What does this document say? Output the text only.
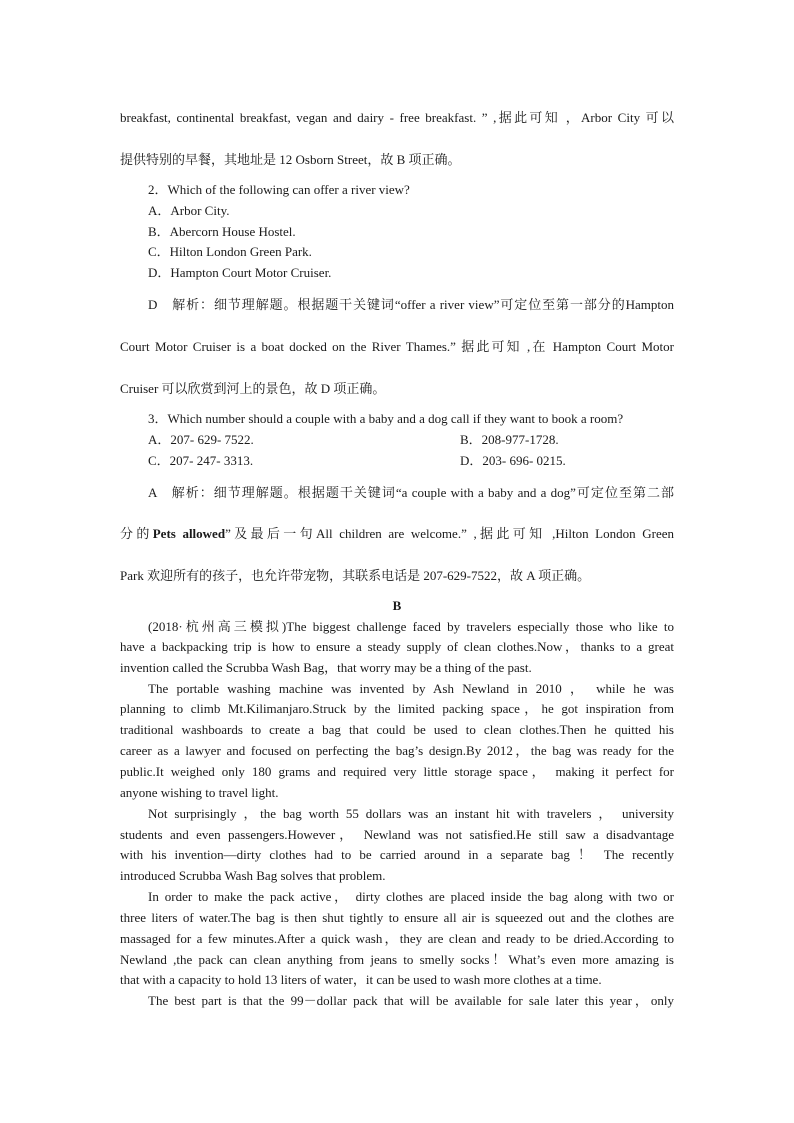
breakfast, continental breakfast, vegan and dairy - free breakfast. ” ,据此可知 ，Arbor City 可以
提供特别的早餐，其地址是 12 Osborn Street，故 B 项正确。
2．Which of the following can offer a river view?
A．Arbor City.
B．Abercorn House Hostel.
C．Hilton London Green Park.
D．Hampton Court Motor Cruiser.
D　解析：细节理解题。根据题干关键词“offer a river view”可定位至第一部分的Hampton
Court Motor Cruiser is a boat docked on the River Thames.” 据此可知 ,在 Hampton Court Motor
Cruiser 可以欣赏到河上的景色，故 D 项正确。
3．Which number should a couple with a baby and a dog call if they want to book a room?
A．207- 629- 7522.	B．208-977-1728.
C．207- 247- 3313.	D．203- 696- 0215.
A　解析：细节理解题。根据题干关键词“a couple with a baby and a dog”可定位至第二部
分的Pets allowed”及最后一句All children are welcome.” ,据此可知 ,Hilton London Green
Park 欢迎所有的孩子，也允许带宠物，其联系电话是 207-629-7522，故 A 项正确。
B
(2018·杭州高三模拟)The biggest challenge faced by travelers especially those who like to
have a backpacking trip is how to ensure a steady supply of clean clothes.Now，thanks to a great
invention called the Scrubba Wash Bag，that worry may be a thing of the past.
The portable washing machine was invented by Ash Newland in 2010 ， while he was
planning to climb Mt.Kilimanjaro.Struck by the limited packing space，he got inspiration from
traditional washboards to create a bag that could be used to clean clothes.Then he quitted his
career as a lawyer and focused on perfecting the bag’s design.By 2012，the bag was ready for the
public.It weighed only 180 grams and required very little storage space， making it perfect for
anyone wishing to travel light.
Not surprisingly ，the bag worth 55 dollars was an instant hit with travelers ， university
students and even passengers.However， Newland was not satisfied.He still saw a disadvantage
with his invention—dirty clothes had to be carried around in a separate bag ！ The recently
introduced Scrubba Wash Bag solves that problem.
In order to make the pack active， dirty clothes are placed inside the bag along with two or
three liters of water.The bag is then shut tightly to ensure all air is squeezed out and the clothes are
massaged for a few minutes.After a quick wash，they are clean and ready to be dried.According to
Newland ,the pack can clean anything from jeans to smelly socks！What’s even more amazing is
that with a capacity to hold 13 liters of water，it can be used to wash more clothes at a time.
The best part is that the 99－dollar pack that will be available for sale later this year，only
